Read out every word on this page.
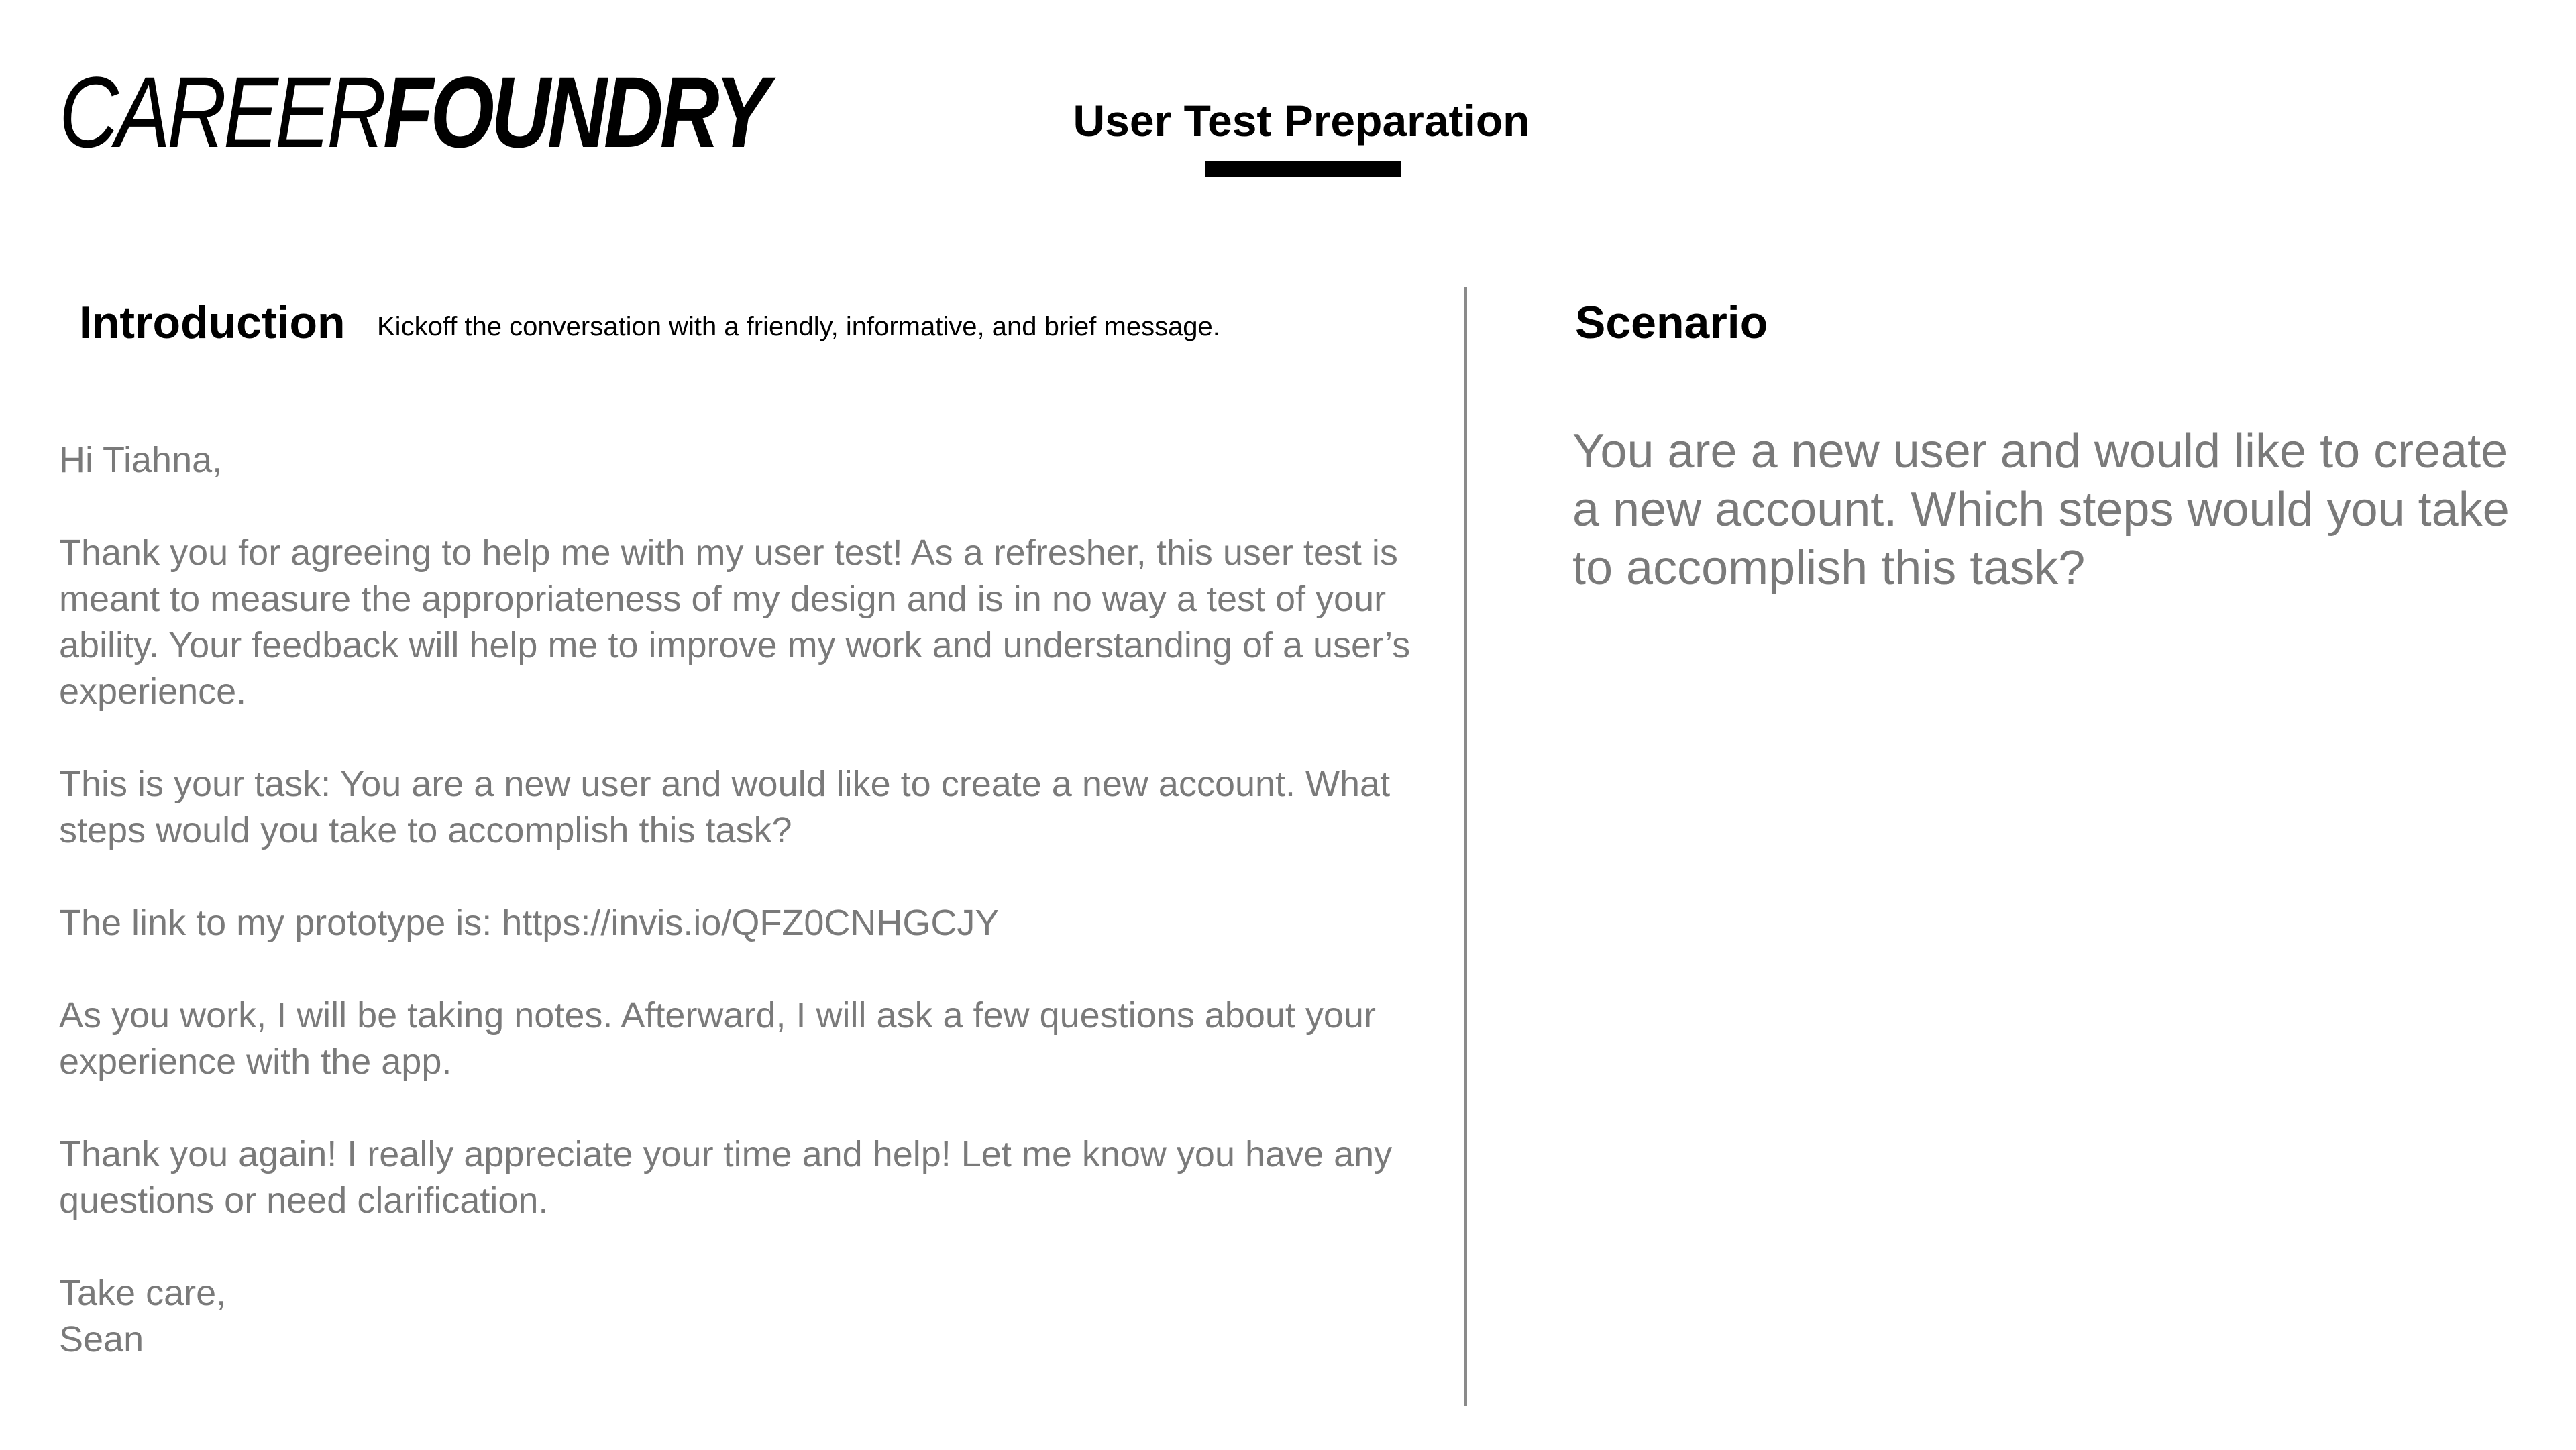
CAREERFOUNDRY	User Test Preparation
Introduction Kickoff the conversation with a friendly, informative, and brief message.	Scenario

Hi Tiahna,

Thank you for agreeing to help me with my user test! As a refresher, this user test is meant to measure the appropriateness of my design and is in no way a test of your ability. Your feedback will help me to improve my work and understanding of a user’s experience.

This is your task: You are a new user and would like to create a new account. What steps would you take to accomplish this task?

The link to my prototype is: https://invis.io/QFZ0CNHGCJY

As you work, I will be taking notes. Afterward, I will ask a few questions about your experience with the app.

Thank you again! I really appreciate your time and help! Let me know you have any questions or need clarification.

Take care,
Sean

You are a new user and would like to create a new account. Which steps would you take to accomplish this task?
